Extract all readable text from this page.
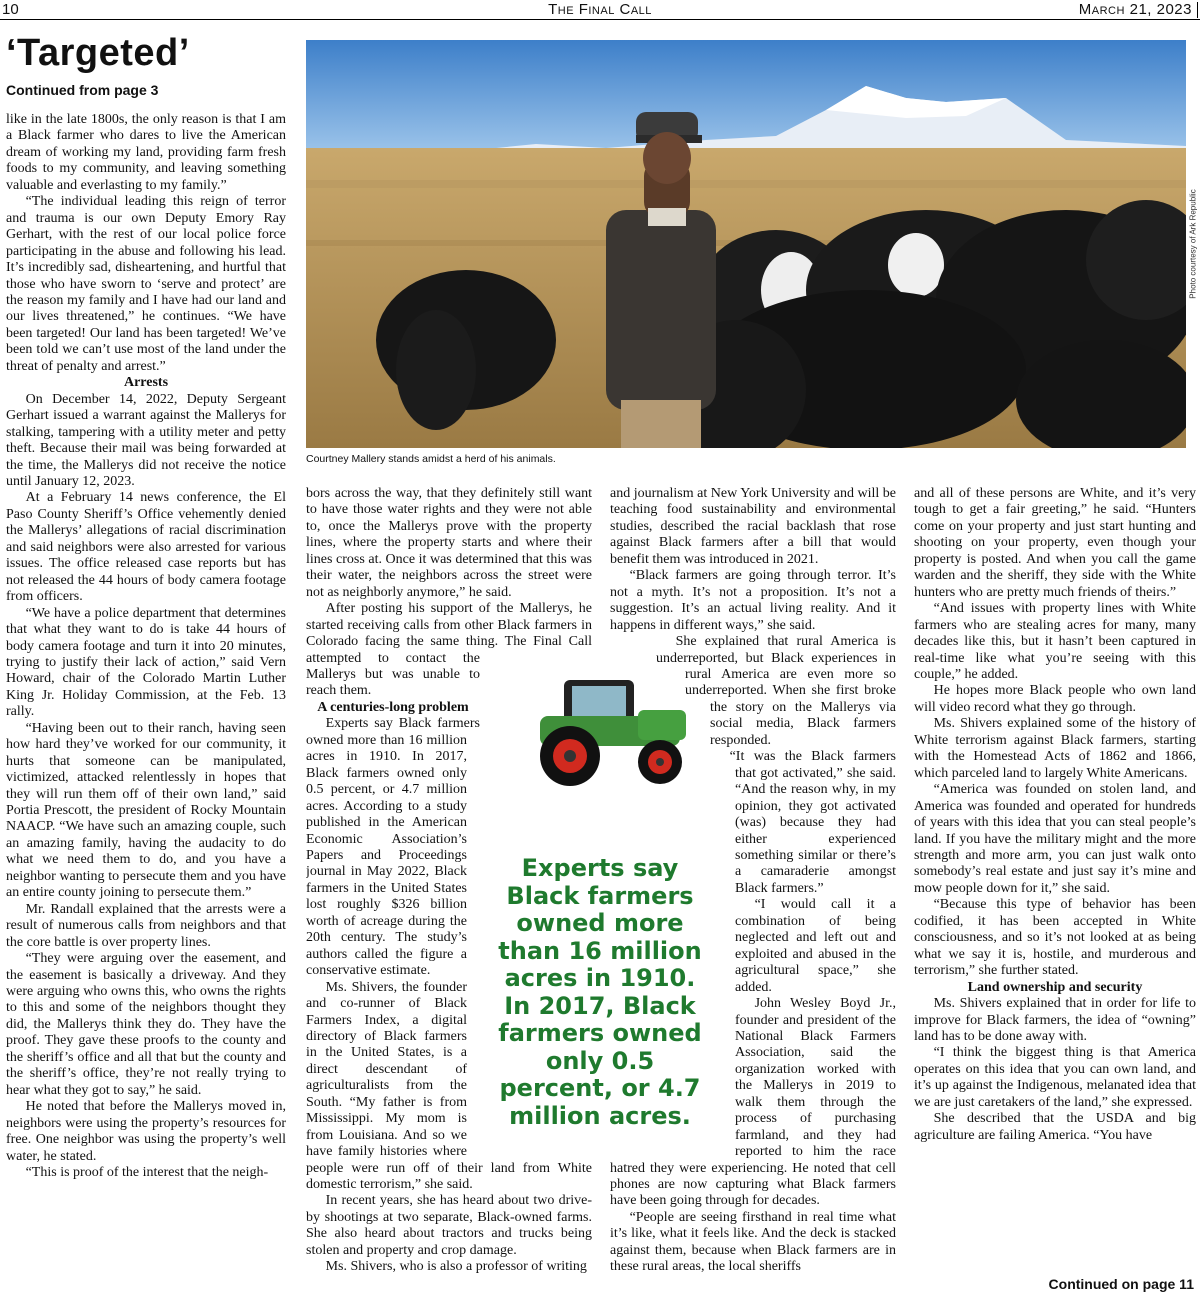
10	The Final Call	March 21, 2023
‘Targeted’
Continued from page 3
Photo courtesy of Ark Republic
Courtney Mallery stands amidst a herd of his animals.

like in the late 1800s, the only reason is that I am a Black farmer who dares to live the American dream of working my land, providing farm fresh foods to my community, and leaving something valuable and everlasting to my family.”

“The individual leading this reign of terror and trauma is our own Deputy Emory Ray Gerhart, with the rest of our local police force participating in the abuse and following his lead. It’s incredibly sad, disheartening, and hurtful that those who have sworn to ‘serve and protect’ are the reason my family and I have had our land and our lives threatened,” he continues. “We have been targeted! Our land has been targeted! We’ve been told we can’t use most of the land under the threat of penalty and arrest.”

Arrests

On December 14, 2022, Deputy Sergeant Gerhart issued a warrant against the Mallerys for stalking, tampering with a utility meter and petty theft. Because their mail was being forwarded at the time, the Mallerys did not receive the notice until January 12, 2023.

At a February 14 news conference, the El Paso County Sheriff’s Office vehemently denied the Mallerys’ allegations of racial discrimination and said neighbors were also arrested for various issues. The office released case reports but has not released the 44 hours of body camera footage from officers.

“We have a police department that determines that what they want to do is take 44 hours of body camera footage and turn it into 20 minutes, trying to justify their lack of action,” said Vern Howard, chair of the Colorado Martin Luther King Jr. Holiday Commission, at the Feb. 13 rally.

“Having been out to their ranch, having seen how hard they’ve worked for our community, it hurts that someone can be manipulated, victimized, attacked relentlessly in hopes that they will run them off of their own land,” said Portia Prescott, the president of Rocky Mountain NAACP. “We have such an amazing couple, such an amazing family, having the audacity to do what we need them to do, and you have a neighbor wanting to persecute them and you have an entire county joining to persecute them.”

Mr. Randall explained that the arrests were a result of numerous calls from neighbors and that the core battle is over property lines.

“They were arguing over the easement, and the easement is basically a driveway. And they were arguing who owns this, who owns the rights to this and some of the neighbors thought they did, the Mallerys think they do. They have the proof. They gave these proofs to the county and the sheriff’s office and all that but the county and the sheriff’s office, they’re not really trying to hear what they got to say,” he said.

He noted that before the Mallerys moved in, neighbors were using the property’s resources for free. One neighbor was using the property’s well water, he stated.

“This is proof of the interest that the neigh-

bors across the way, that they definitely still want to have those water rights and they were not able to, once the Mallerys prove with the property lines, where the property starts and where their lines cross at. Once it was determined that this was their water, the neighbors across the street were not as neighborly anymore,” he said.

After posting his support of the Mallerys, he started receiving calls from other Black farmers in Colorado facing the same thing. The Final Call attempted to contact the Mallerys but was unable to reach them.

A centuries-long problem

Experts say Black farmers owned more than 16 million acres in 1910. In 2017, Black farmers owned only 0.5 percent, or 4.7 million acres. According to a study published in the American Economic Association’s Papers and Proceedings journal in May 2022, Black farmers in the United States lost roughly $326 billion worth of acreage during the 20th century. The study’s authors called the figure a conservative estimate.

Ms. Shivers, the founder and co-runner of Black Farmers Index, a digital directory of Black farmers in the United States, is a direct descendant of agriculturalists from the South. “My father is from Mississippi. My mom is from Louisiana. And so we have family histories where people were run off of their land from White domestic terrorism,” she said.

In recent years, she has heard about two drive-by shootings at two separate, Black-owned farms. She also heard about tractors and trucks being stolen and property and crop damage.

Ms. Shivers, who is also a professor of writing

and journalism at New York University and will be teaching food sustainability and environmental studies, described the racial backlash that rose against Black farmers after a bill that would benefit them was introduced in 2021.

“Black farmers are going through terror. It’s not a myth. It’s not a proposition. It’s not a suggestion. It’s an actual living reality. And it happens in different ways,” she said.

She explained that rural America is underreported, but Black experiences in rural America are even more so underreported. When she first broke the story on the Mallerys via social media, Black farmers responded.

“It was the Black farmers that got activated,” she said. “And the reason why, in my opinion, they got activated (was) because they had either experienced something similar or there’s a camaraderie amongst Black farmers.”

“I would call it a combination of being neglected and left out and exploited and abused in the agricultural space,” she added.

John Wesley Boyd Jr., founder and president of the National Black Farmers Association, said the organization worked with the Mallerys in 2019 to walk them through the process of purchasing farmland, and they had reported to him the race hatred they were experiencing. He noted that cell phones are now capturing what Black farmers have been going through for decades.

“People are seeing firsthand in real time what it’s like, what it feels like. And the deck is stacked against them, because when Black farmers are in these rural areas, the local sheriffs

and all of these persons are White, and it’s very tough to get a fair greeting,” he said. “Hunters come on your property and just start hunting and shooting on your property, even though your property is posted. And when you call the game warden and the sheriff, they side with the White hunters who are pretty much friends of theirs.”

“And issues with property lines with White farmers who are stealing acres for many, many decades like this, but it hasn’t been captured in real-time like what you’re seeing with this couple,” he added.

He hopes more Black people who own land will video record what they go through.

Ms. Shivers explained some of the history of White terrorism against Black farmers, starting with the Homestead Acts of 1862 and 1866, which parceled land to largely White Americans.

“America was founded on stolen land, and America was founded and operated for hundreds of years with this idea that you can steal people’s land. If you have the military might and the more strength and more arm, you can just walk onto somebody’s real estate and just say it’s mine and mow people down for it,” she said.

“Because this type of behavior has been codified, it has been accepted in White consciousness, and so it’s not looked at as being what we say it is, hostile, and murderous and terrorism,” she further stated.

Land ownership and security

Ms. Shivers explained that in order for life to improve for Black farmers, the idea of “owning” land has to be done away with.

“I think the biggest thing is that America operates on this idea that you can own land, and it’s up against the Indigenous, melanated idea that we are just caretakers of the land,” she expressed.

She described that the USDA and big agriculture are failing America. “You have

Experts say Black farmers owned more than 16 million acres in 1910. In 2017, Black farmers owned only 0.5 percent, or 4.7 million acres.
Continued on page 11
